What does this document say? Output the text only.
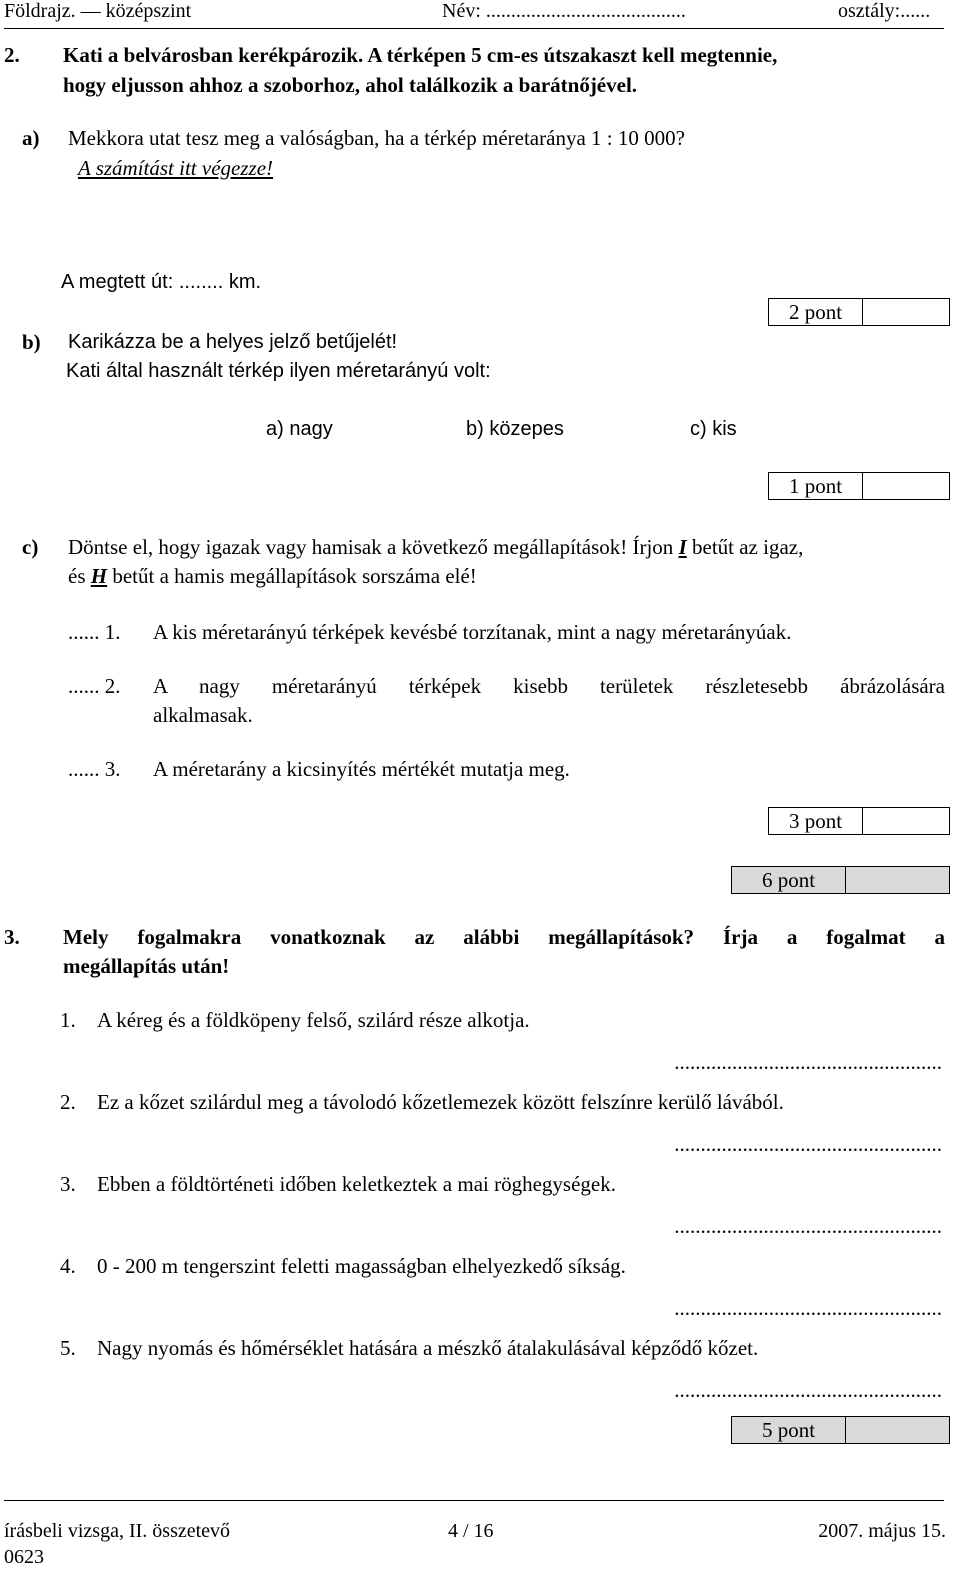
Földrajz. — középszint	Név: ........................................	osztály:......
2. Kati a belvárosban kerékpározik. A térképen 5 cm-es útszakaszt kell megtennie,
hogy eljusson ahhoz a szoborhoz, ahol találkozik a barátnőjével.
a) Mekkora utat tesz meg a valóságban, ha a térkép méretaránya 1 : 10 000?
A számítást itt végezze!
A megtett út: ........ km.
2 pont
b) Karikázza be a helyes jelző betűjelét!
Kati által használt térkép ilyen méretarányú volt:
a) nagy	b) közepes	c) kis
1 pont
c) Döntse el, hogy igazak vagy hamisak a következő megállapítások! Írjon I betűt az igaz,
és H betűt a hamis megállapítások sorszáma elé!
...... 1. A kis méretarányú térképek kevésbé torzítanak, mint a nagy méretarányúak.
...... 2. A nagy méretarányú térképek kisebb területek részletesebb ábrázolására
alkalmasak.
...... 3. A méretarány a kicsinyítés mértékét mutatja meg.
3 pont
6 pont
3. Mely fogalmakra vonatkoznak az alábbi megállapítások? Írja a fogalmat a
megállapítás után!
1. A kéreg és a földköpeny felső, szilárd része alkotja.
...................................................
2. Ez a kőzet szilárdul meg a távolodó kőzetlemezek között felszínre kerülő lávából.
...................................................
3. Ebben a földtörténeti időben keletkeztek a mai röghegységek.
...................................................
4. 0 - 200 m tengerszint feletti magasságban elhelyezkedő síkság.
...................................................
5. Nagy nyomás és hőmérséklet hatására a mészkő átalakulásával képződő kőzet.
...................................................
5 pont
írásbeli vizsga, II. összetevő
0623
4 / 16	2007. május 15.
